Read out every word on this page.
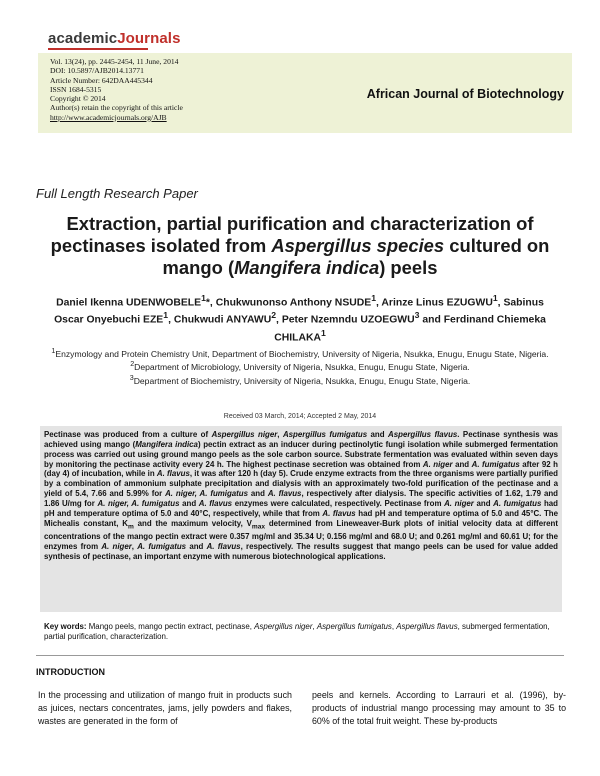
academicJournals
Vol. 13(24), pp. 2445-2454, 11 June, 2014
DOI: 10.5897/AJB2014.13771
Article Number: 642DAA445344
ISSN 1684-5315
Copyright © 2014
Author(s) retain the copyright of this article
http://www.academicjournals.org/AJB
African Journal of Biotechnology
Full Length Research Paper
Extraction, partial purification and characterization of pectinases isolated from Aspergillus species cultured on mango (Mangifera indica) peels
Daniel Ikenna UDENWOBELE$^1$*, Chukwunonso Anthony NSUDE$^1$, Arinze Linus EZUGWU$^1$, Sabinus Oscar Onyebuchi EZE$^1$, Chukwudi ANYAWU$^2$, Peter Nzemndu UZOEGWU$^3$ and Ferdinand Chiemeka CHILAKA$^1$
$^1$Enzymology and Protein Chemistry Unit, Department of Biochemistry, University of Nigeria, Nsukka, Enugu, Enugu State, Nigeria.
$^2$Department of Microbiology, University of Nigeria, Nsukka, Enugu, Enugu State, Nigeria.
$^3$Department of Biochemistry, University of Nigeria, Nsukka, Enugu, Enugu State, Nigeria.
Received 03 March, 2014; Accepted 2 May, 2014
Pectinase was produced from a culture of Aspergillus niger, Aspergillus fumigatus and Aspergillus flavus. Pectinase synthesis was achieved using mango (Mangifera indica) pectin extract as an inducer during pectinolytic fungi isolation while submerged fermentation process was carried out using ground mango peels as the sole carbon source. Substrate fermentation was evaluated within seven days by monitoring the pectinase activity every 24 h. The highest pectinase secretion was obtained from A. niger and A. fumigatus after 92 h (day 4) of incubation, while in A. flavus, it was after 120 h (day 5). Crude enzyme extracts from the three organisms were partially purified by a combination of ammonium sulphate precipitation and dialysis with an approximately two-fold purification of the pectinase and a yield of 5.4, 7.66 and 5.99% for A. niger, A. fumigatus and A. flavus, respectively after dialysis. The specific activities of 1.62, 1.79 and 1.86 U/mg for A. niger, A. fumigatus and A. flavus enzymes were calculated, respectively. Pectinase from A. niger and A. fumigatus had pH and temperature optima of 5.0 and 40°C, respectively, while that from A. flavus had pH and temperature optima of 5.0 and 45°C. The Michealis constant, $K_m$ and the maximum velocity, $V_{max}$ determined from Lineweaver-Burk plots of initial velocity data at different concentrations of the mango pectin extract were 0.357 mg/ml and 35.34 U; 0.156 mg/ml and 68.0 U; and 0.261 mg/ml and 60.61 U; for the enzymes from A. niger, A. fumigatus and A. flavus, respectively. The results suggest that mango peels can be used for value added synthesis of pectinase, an important enzyme with numerous biotechnological applications.
Key words: Mango peels, mango pectin extract, pectinase, Aspergillus niger, Aspergillus fumigatus, Aspergillus flavus, submerged fermentation, partial purification, characterization.
INTRODUCTION
In the processing and utilization of mango fruit in products such as juices, nectars concentrates, jams, jelly powders and flakes, wastes are generated in the form of
peels and kernels. According to Larrauri et al. (1996), by-products of industrial mango processing may amount to 35 to 60% of the total fruit weight. These by-products
